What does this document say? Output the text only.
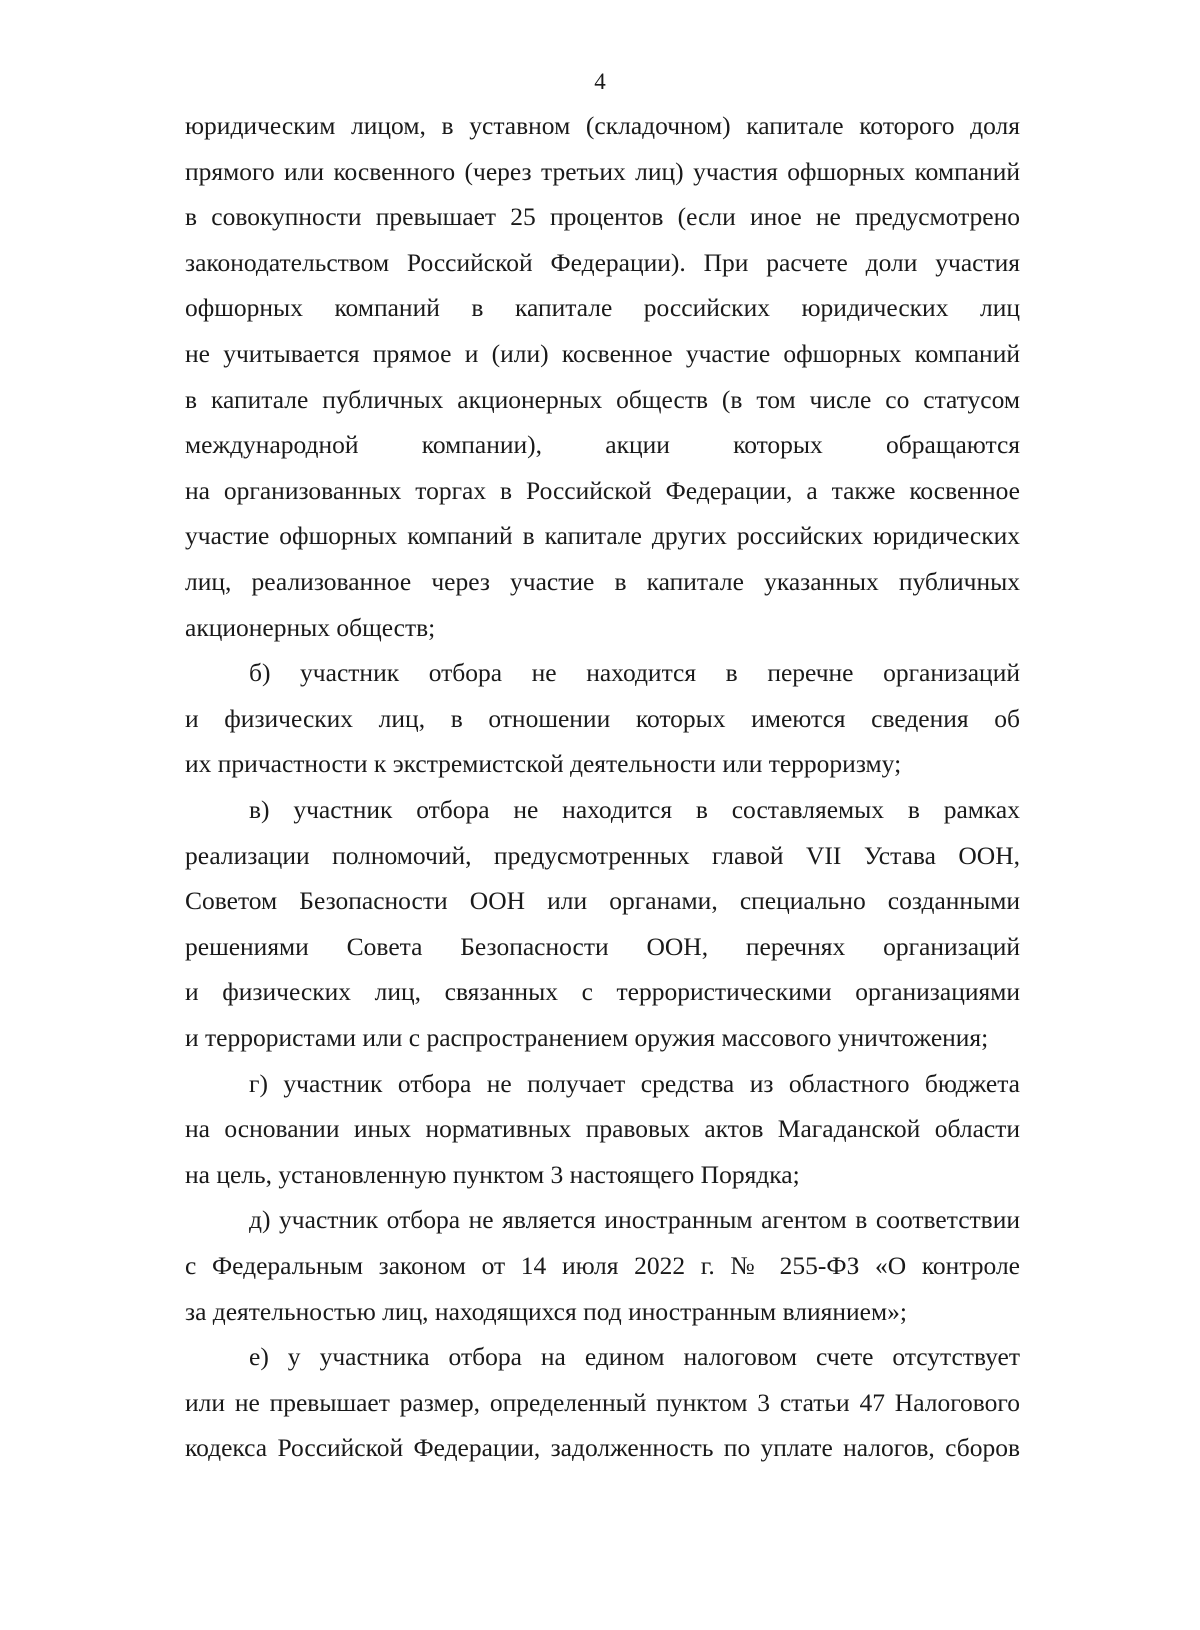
4
юридическим лицом, в уставном (складочном) капитале которого доля
прямого или косвенного (через третьих лиц) участия офшорных компаний
в совокупности превышает 25 процентов (если иное не предусмотрено
законодательством Российской Федерации). При расчете доли участия
офшорных компаний в капитале российских юридических лиц
не учитывается прямое и (или) косвенное участие офшорных компаний
в капитале публичных акционерных обществ (в том числе со статусом
международной компании), акции которых обращаются
на организованных торгах в Российской Федерации, а также косвенное
участие офшорных компаний в капитале других российских юридических
лиц, реализованное через участие в капитале указанных публичных
акционерных обществ;
б) участник отбора не находится в перечне организаций
и физических лиц, в отношении которых имеются сведения об
их причастности к экстремистской деятельности или терроризму;
в) участник отбора не находится в составляемых в рамках
реализации полномочий, предусмотренных главой VII Устава ООН,
Советом Безопасности ООН или органами, специально созданными
решениями Совета Безопасности ООН, перечнях организаций
и физических лиц, связанных с террористическими организациями
и террористами или с распространением оружия массового уничтожения;
г) участник отбора не получает средства из областного бюджета
на основании иных нормативных правовых актов Магаданской области
на цель, установленную пунктом 3 настоящего Порядка;
д) участник отбора не является иностранным агентом в соответствии
с Федеральным законом от 14 июля 2022 г. № 255-ФЗ «О контроле
за деятельностью лиц, находящихся под иностранным влиянием»;
е) у участника отбора на едином налоговом счете отсутствует
или не превышает размер, определенный пунктом 3 статьи 47 Налогового
кодекса Российской Федерации, задолженность по уплате налогов, сборов
